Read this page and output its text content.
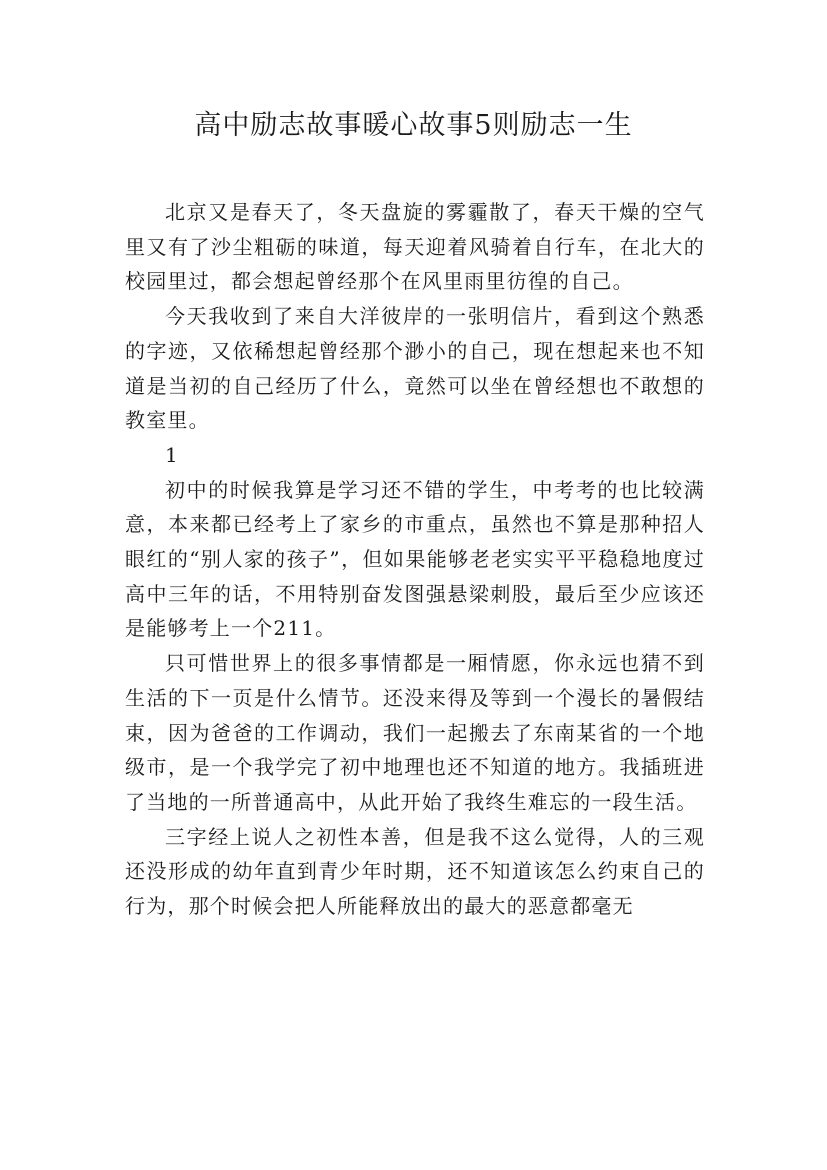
高中励志故事暖心故事5则励志一生

北京又是春天了，冬天盘旋的雾霾散了，春天干燥的空气里又有了沙尘粗砺的味道，每天迎着风骑着自行车，在北大的校园里过，都会想起曾经那个在风里雨里彷徨的自己。

今天我收到了来自大洋彼岸的一张明信片，看到这个熟悉的字迹，又依稀想起曾经那个渺小的自己，现在想起来也不知道是当初的自己经历了什么，竟然可以坐在曾经想也不敢想的教室里。

1

初中的时候我算是学习还不错的学生，中考考的也比较满意，本来都已经考上了家乡的市重点，虽然也不算是那种招人眼红的“别人家的孩子”，但如果能够老老实实平平稳稳地度过高中三年的话，不用特别奋发图强悬梁刺股，最后至少应该还是能够考上一个211。

只可惜世界上的很多事情都是一厢情愿，你永远也猜不到生活的下一页是什么情节。还没来得及等到一个漫长的暑假结束，因为爸爸的工作调动，我们一起搬去了东南某省的一个地级市，是一个我学完了初中地理也还不知道的地方。我插班进了当地的一所普通高中，从此开始了我终生难忘的一段生活。

三字经上说人之初性本善，但是我不这么觉得，人的三观还没形成的幼年直到青少年时期，还不知道该怎么约束自己的行为，那个时候会把人所能释放出的最大的恶意都毫无
